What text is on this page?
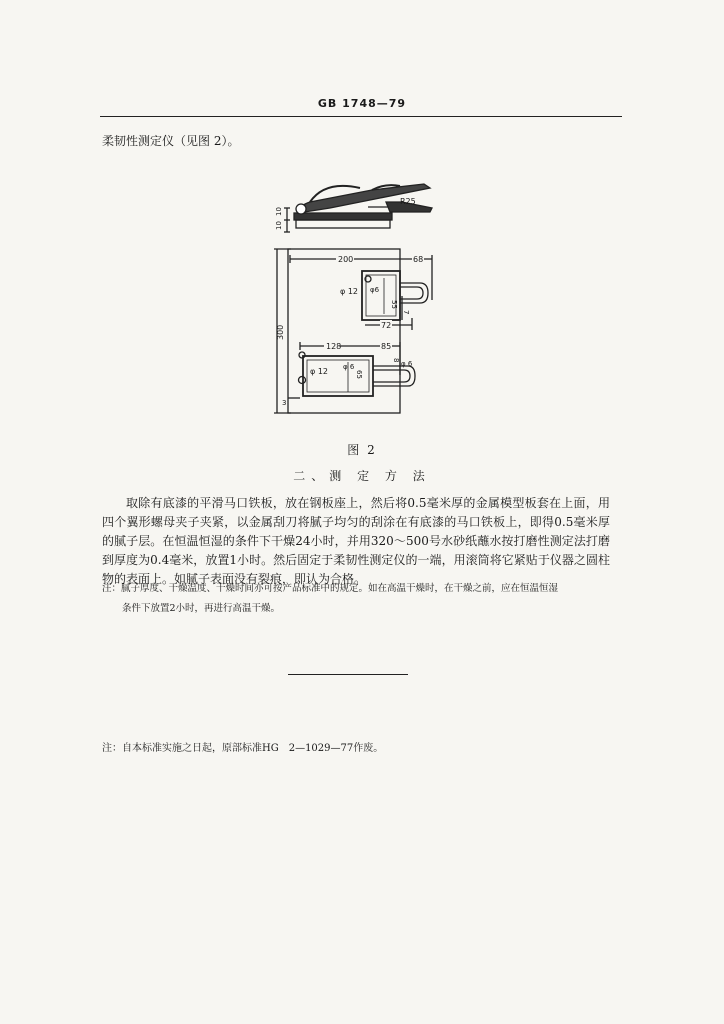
GB 1748—79
柔韧性测定仪（见图 2）。
R25
10
10
200	68
φ 12 φ6
55
7
72
300
128	85
φ 6
φ 12 φ 6
65
8
3
图 2
二、测 定 方 法

取除有底漆的平滑马口铁板，放在钢板座上，然后将0.5毫米厚的金属模型板套在上面，用四个翼形螺母夹子夹紧，以金属刮刀将腻子均匀的刮涂在有底漆的马口铁板上，即得0.5毫米厚的腻子层。在恒温恒湿的条件下干燥24小时，并用320～500号水砂纸蘸水按打磨性测定法打磨到厚度为0.4毫米，放置1小时。然后固定于柔韧性测定仪的一端，用滚筒将它紧贴于仪器之圆柱物的表面上。如腻子表面没有裂痕，即认为合格。

注：腻子厚度、干燥温度、干燥时间亦可按产品标准中的规定。如在高温干燥时，在干燥之前，应在恒温恒湿
条件下放置2小时，再进行高温干燥。
注：自本标准实施之日起，原部标准HG　2—1029—77作废。
